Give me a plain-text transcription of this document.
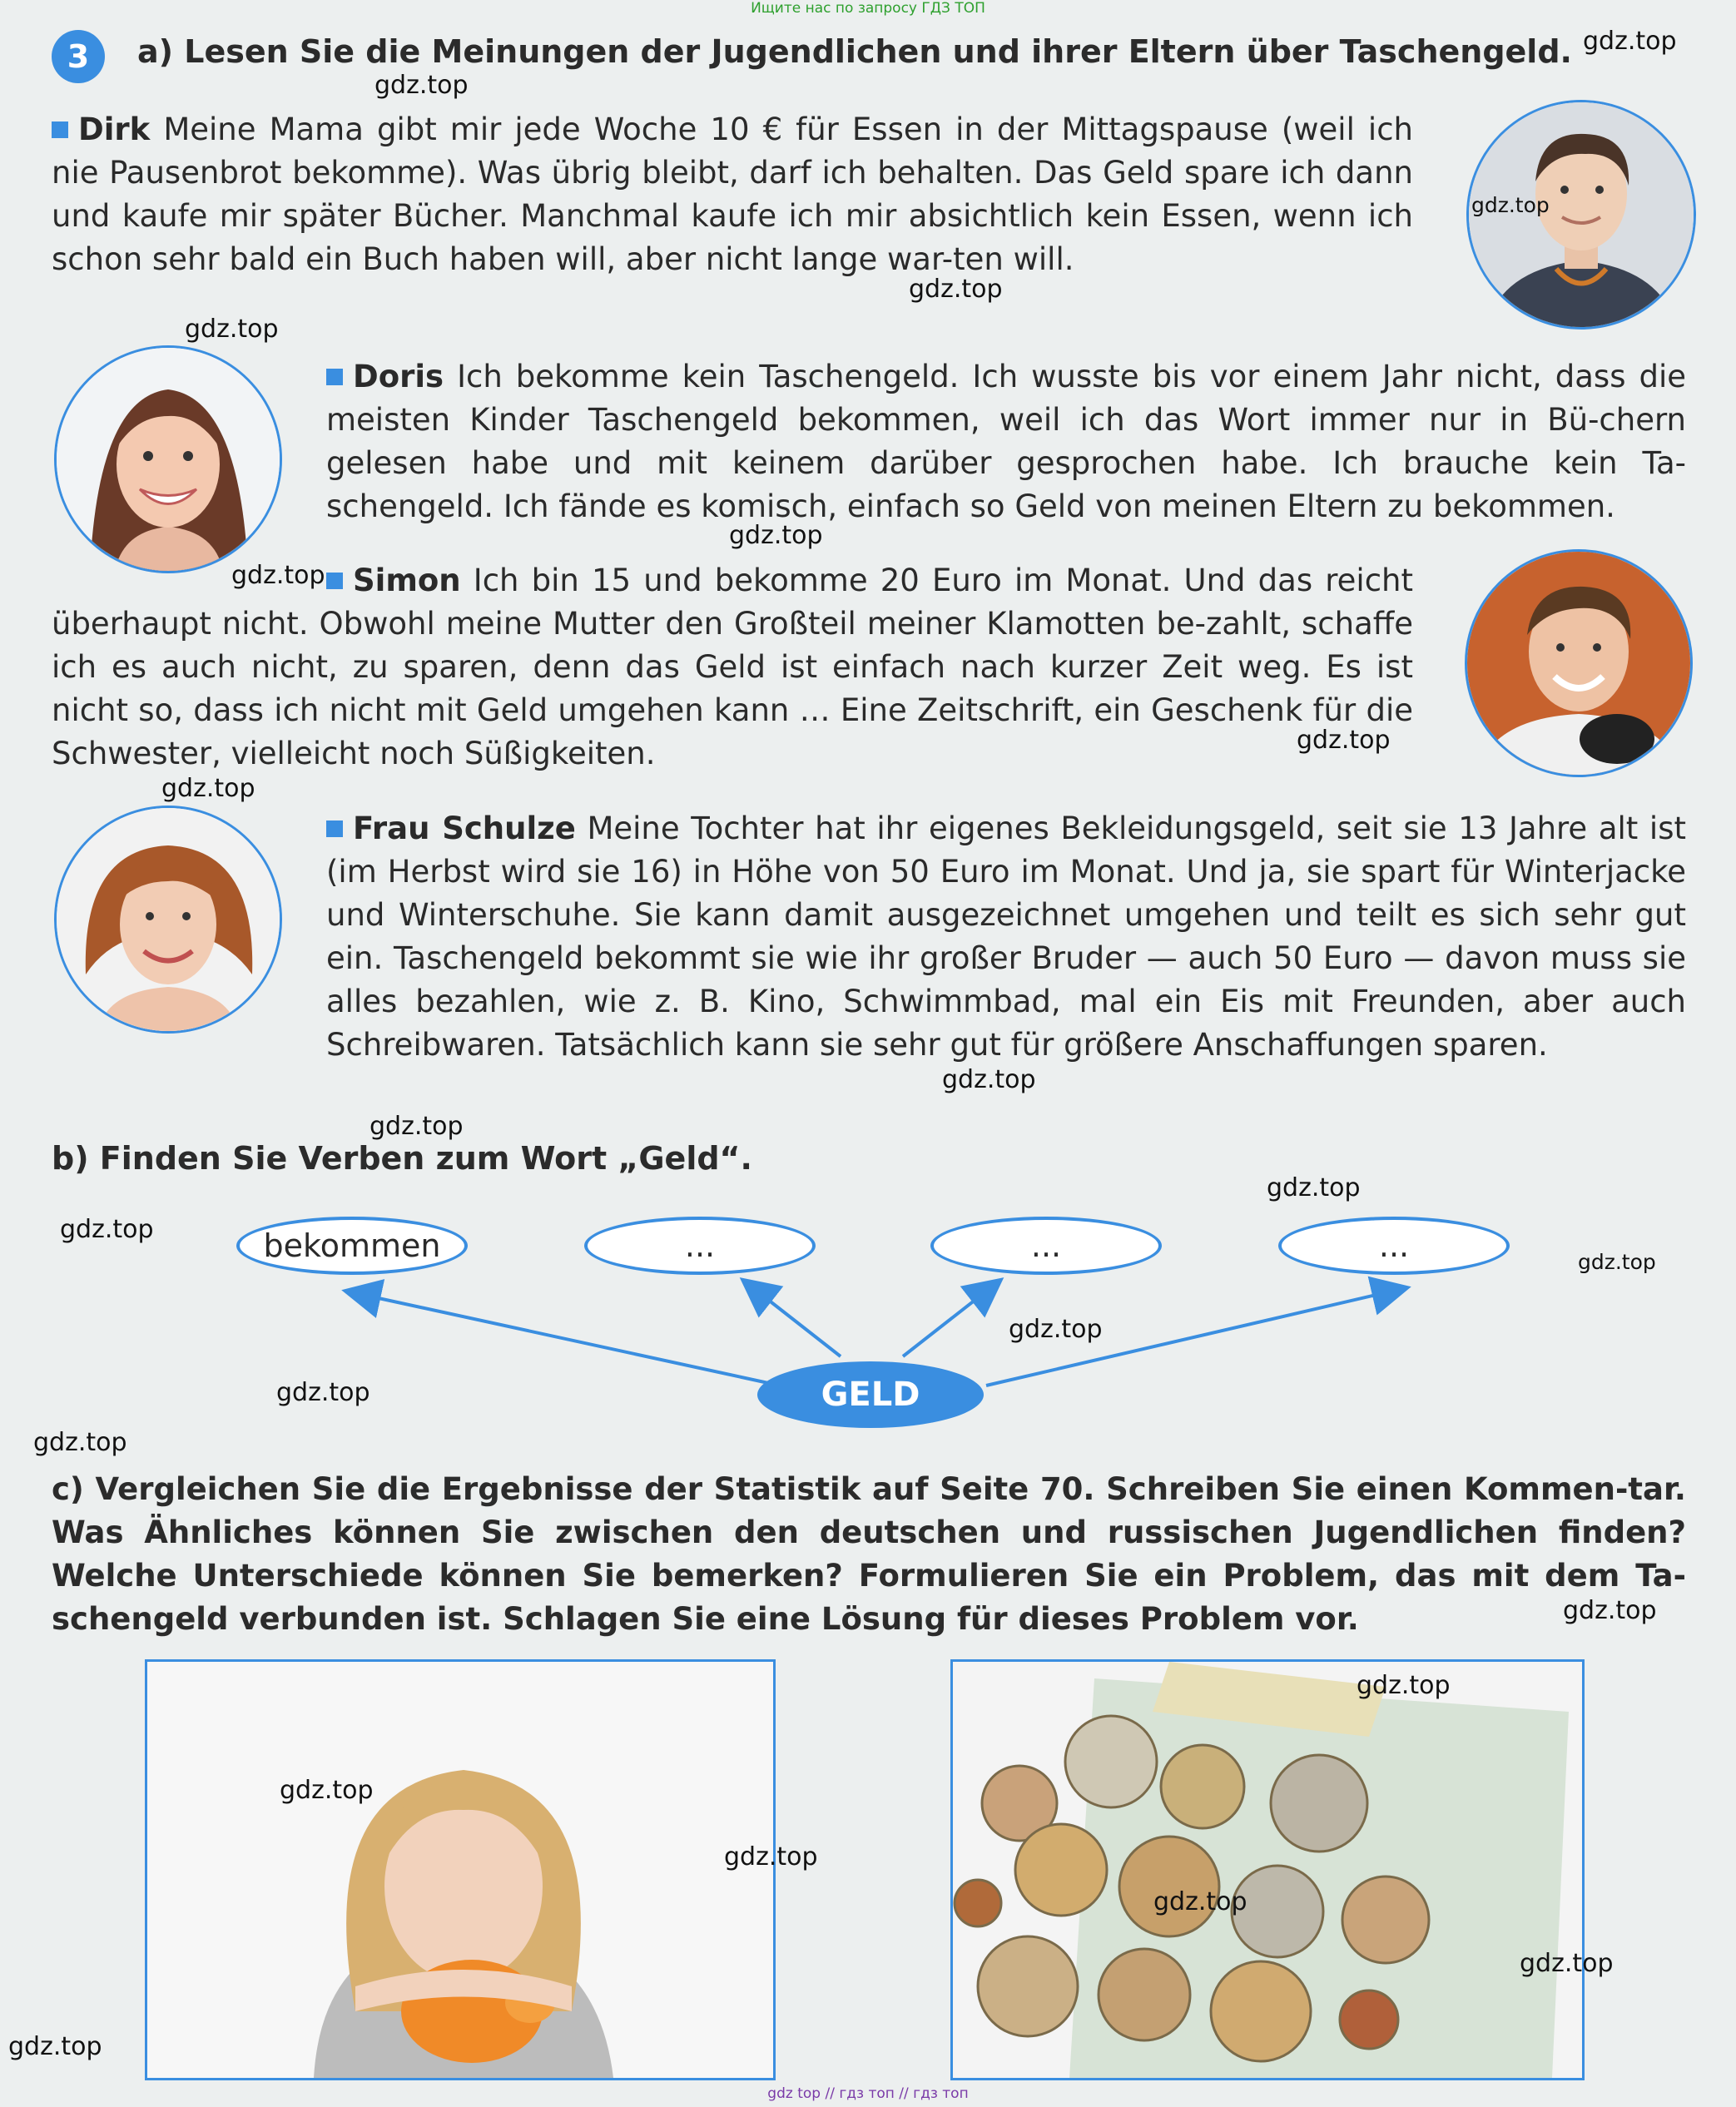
Ищите нас по запросу ГДЗ ТОП
3	a) Lesen Sie die Meinungen der Jugendlichen und ihrer Eltern über Taschengeld.
Dirk Meine Mama gibt mir jede Woche 10 € für Essen in der Mittagspause (weil ich nie Pausenbrot bekomme). Was übrig bleibt, darf ich behalten. Das Geld spare ich dann und kaufe mir später Bücher. Manchmal kaufe ich mir absichtlich kein Essen, wenn ich schon sehr bald ein Buch haben will, aber nicht lange war-ten will.
Doris Ich bekomme kein Taschengeld. Ich wusste bis vor einem Jahr nicht, dass die meisten Kinder Taschengeld bekommen, weil ich das Wort immer nur in Bü-chern gelesen habe und mit keinem darüber gesprochen habe. Ich brauche kein Ta-schengeld. Ich fände es komisch, einfach so Geld von meinen Eltern zu bekommen.
Simon Ich bin 15 und bekomme 20 Euro im Monat. Und das reicht überhaupt nicht. Obwohl meine Mutter den Großteil meiner Klamotten be-zahlt, schaffe ich es auch nicht, zu sparen, denn das Geld ist einfach nach kurzer Zeit weg. Es ist nicht so, dass ich nicht mit Geld umgehen kann … Eine Zeitschrift, ein Geschenk für die Schwester, vielleicht noch Süßigkeiten.
Frau Schulze Meine Tochter hat ihr eigenes Bekleidungsgeld, seit sie 13 Jahre alt ist (im Herbst wird sie 16) in Höhe von 50 Euro im Monat. Und ja, sie spart für Winterjacke und Winterschuhe. Sie kann damit ausgezeichnet umgehen und teilt es sich sehr gut ein. Taschengeld bekommt sie wie ihr großer Bruder — auch 50 Euro — davon muss sie alles bezahlen, wie z. B. Kino, Schwimmbad, mal ein Eis mit Freunden, aber auch Schreibwaren. Tatsächlich kann sie sehr gut für größere Anschaffungen sparen.
b) Finden Sie Verben zum Wort „Geld“.
bekommen	...	...	...
GELD
c) Vergleichen Sie die Ergebnisse der Statistik auf Seite 70. Schreiben Sie einen Kommen-tar. Was Ähnliches können Sie zwischen den deutschen und russischen Jugendlichen finden? Welche Unterschiede können Sie bemerken? Formulieren Sie ein Problem, das mit dem Ta-schengeld verbunden ist. Schlagen Sie eine Lösung für dieses Problem vor.
gdz.top
gdz.top
gdz.top
gdz.top
gdz.top
gdz.top
gdz.top
gdz.top
gdz.top
gdz.top
gdz.top
gdz.top
gdz.top
gdz.top
gdz.top
gdz.top
gdz.top
gdz.top
gdz.top
gdz.top
gdz.top
gdz.top
gdz.top
gdz.top
gdz top // гдз топ // гдз топ
